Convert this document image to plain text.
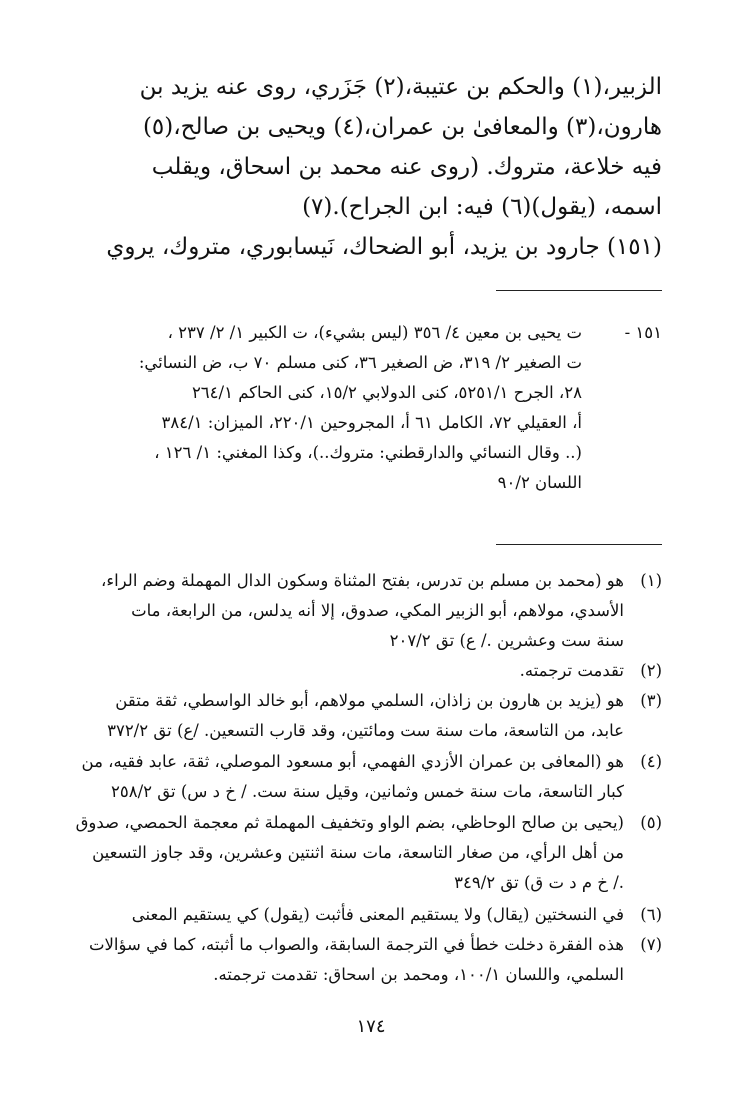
الزبير،(١) والحكم بن عتيبة،(٢) جَزَري، روى عنه يزيد بن
هارون،(٣) والمعافىٰ بن عمران،(٤) ويحيى بن صالح،(٥)
فيه خلاعة، متروك. (روى عنه محمد بن اسحاق، ويقلب
اسمه، (يقول)(٦) فيه: ابن الجراح).(٧)
(١٥١) جارود بن يزيد، أبو الضحاك، نَيسابوري، متروك، يروي
١٥١ -
ت يحيى بن معين ٤/ ٣٥٦ (ليس بشيء)، ت الكبير ١/ ٢/ ٢٣٧ ،
ت الصغير ٢/ ٣١٩، ض الصغير ٣٦، كنى مسلم ٧٠ ب، ض النسائي:
٢٨، الجرح ٥٢٥١/١، كنى الدولابي ١٥/٢، كنى الحاكم ٢٦٤/١
أ، العقيلي ٧٢، الكامل ٦١ أ، المجروحين ٢٢٠/١، الميزان: ٣٨٤/١
(.. وقال النسائي والدارقطني: متروك..)، وكذا المغني: ١/ ١٢٦ ،
اللسان ٩٠/٢
(١)
هو (محمد بن مسلم بن تدرس، بفتح المثناة وسكون الدال المهملة وضم الراء،
الأسدي، مولاهم، أبو الزبير المكي، صدوق، إلا أنه يدلس، من الرابعة، مات
سنة ست وعشرين ./ ع) تق ٢٠٧/٢
(٢)
تقدمت ترجمته.
(٣)
هو (يزيد بن هارون بن زاذان، السلمي مولاهم، أبو خالد الواسطي، ثقة متقن
عابد، من التاسعة، مات سنة ست ومائتين، وقد قارب التسعين. /ع) تق ٣٧٢/٢
(٤)
هو (المعافى بن عمران الأزدي الفهمي، أبو مسعود الموصلي، ثقة، عابد فقيه، من
كبار التاسعة، مات سنة خمس وثمانين، وقيل سنة ست. / خ د س) تق ٢٥٨/٢
(٥)
(يحيى بن صالح الوحاظي، بضم الواو وتخفيف المهملة ثم معجمة الحمصي، صدوق
من أهل الرأي، من صغار التاسعة، مات سنة اثنتين وعشرين، وقد جاوز التسعين
./ خ م د ت ق) تق ٣٤٩/٢
(٦)
في النسختين (يقال) ولا يستقيم المعنى فأثبت (يقول) كي يستقيم المعنى
(٧)
هذه الفقرة دخلت خطأ في الترجمة السابقة، والصواب ما أثبته، كما في سؤالات
السلمي، واللسان ١٠٠/١، ومحمد بن اسحاق: تقدمت ترجمته.
١٧٤
